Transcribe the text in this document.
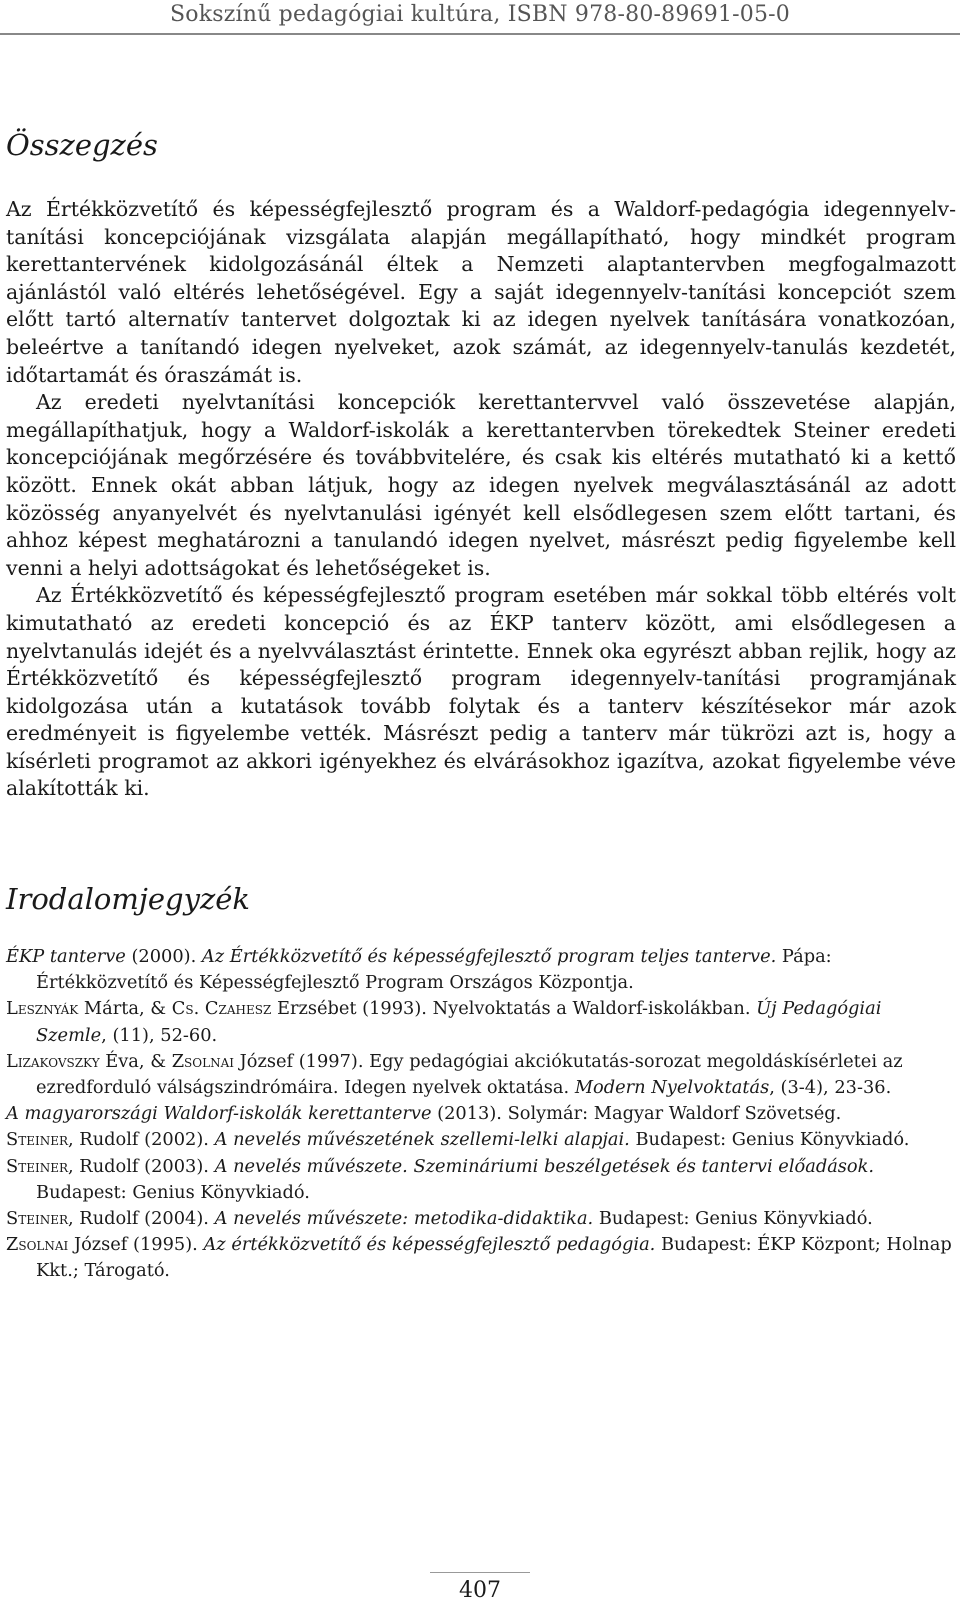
Sokszínű pedagógiai kultúra, ISBN 978-80-89691-05-0
Összegzés

Az Értékközvetítő és képességfejlesztő program és a Waldorf-pedagógia idegennyelv-tanítási koncepciójának vizsgálata alapján megállapítható, hogy mindkét program kerettantervének kidolgozásánál éltek a Nemzeti alaptantervben megfogalmazott ajánlástól való eltérés lehetőségével. Egy a saját idegennyelv-tanítási koncepciót szem előtt tartó alternatív tantervet dolgoztak ki az idegen nyelvek tanítására vonatkozóan, beleértve a tanítandó idegen nyelveket, azok számát, az idegennyelv-tanulás kezdetét, időtartamát és óraszámát is.

Az eredeti nyelvtanítási koncepciók kerettantervvel való összevetése alapján, megállapíthatjuk, hogy a Waldorf-iskolák a kerettantervben törekedtek Steiner eredeti koncepciójának megőrzésére és továbbvitelére, és csak kis eltérés mutatható ki a kettő között. Ennek okát abban látjuk, hogy az idegen nyelvek megválasztásánál az adott közösség anyanyelvét és nyelvtanulási igényét kell elsődlegesen szem előtt tartani, és ahhoz képest meghatározni a tanulandó idegen nyelvet, másrészt pedig figyelembe kell venni a helyi adottságokat és lehetőségeket is.

Az Értékközvetítő és képességfejlesztő program esetében már sokkal több eltérés volt kimutatható az eredeti koncepció és az ÉKP tanterv között, ami elsődlegesen a nyelvtanulás idejét és a nyelvválasztást érintette. Ennek oka egyrészt abban rejlik, hogy az Értékközvetítő és képességfejlesztő program idegennyelv-tanítási programjának kidolgozása után a kutatások tovább folytak és a tanterv készítésekor már azok eredményeit is figyelembe vették. Másrészt pedig a tanterv már tükrözi azt is, hogy a kísérleti programot az akkori igényekhez és elvárásokhoz igazítva, azokat figyelembe véve alakították ki.

Irodalomjegyzék

ÉKP tanterve (2000). Az Értékközvetítő és képességfejlesztő program teljes tanterve. Pápa: Értékközvetítő és Képességfejlesztő Program Országos Központja.

Lesznyák Márta, & Cs. Czahesz Erzsébet (1993). Nyelvoktatás a Waldorf-iskolákban. Új Pedagógiai Szemle, (11), 52-60.

Lizakovszky Éva, & Zsolnai József (1997). Egy pedagógiai akciókutatás-sorozat megoldáskísérletei az ezredforduló válságszindrómáira. Idegen nyelvek oktatása. Modern Nyelvoktatás, (3-4), 23-36.

A magyarországi Waldorf-iskolák kerettanterve (2013). Solymár: Magyar Waldorf Szövetség.

Steiner, Rudolf (2002). A nevelés művészetének szellemi-lelki alapjai. Budapest: Genius Könyvkiadó.

Steiner, Rudolf (2003). A nevelés művészete. Szemináriumi beszélgetések és tantervi előadások. Budapest: Genius Könyvkiadó.

Steiner, Rudolf (2004). A nevelés művészete: metodika-didaktika. Budapest: Genius Könyvkiadó.

Zsolnai József (1995). Az értékközvetítő és képességfejlesztő pedagógia. Budapest: ÉKP Központ; Holnap Kkt.; Tárogató.

407
